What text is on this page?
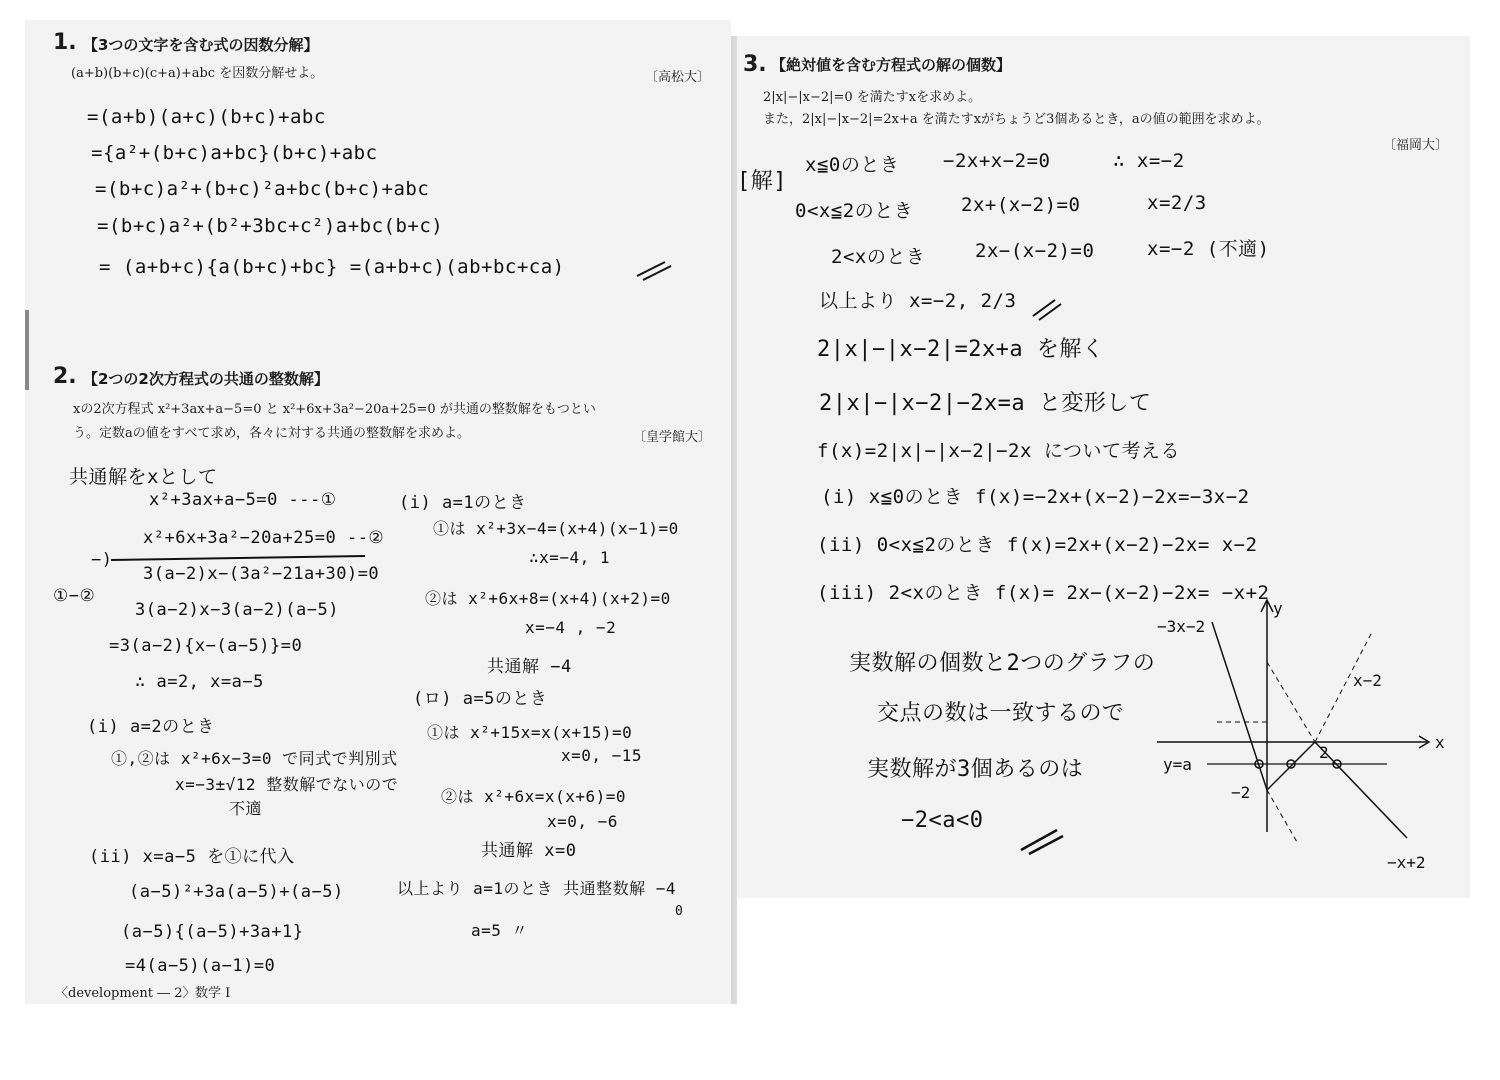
1. 【3つの文字を含む式の因数分解】
(a+b)(b+c)(c+a)+abc を因数分解せよ。	〔高松大〕
=(a+b)(a+c)(b+c)+abc
={a²+(b+c)a+bc}(b+c)+abc
=(b+c)a²+(b+c)²a+bc(b+c)+abc
=(b+c)a²+(b²+3bc+c²)a+bc(b+c)
= (a+b+c){a(b+c)+bc} =(a+b+c)(ab+bc+ca)
2. 【2つの2次方程式の共通の整数解】
xの2次方程式 x²+3ax+a−5=0 と x²+6x+3a²−20a+25=0 が共通の整数解をもつとい
う。定数aの値をすべて求め，各々に対する共通の整数解を求めよ。	〔皇学館大〕
共通解をxとして
x²+3ax+a−5=0 ---①
x²+6x+3a²−20a+25=0 --②
−)
①−②
3(a−2)x−(3a²−21a+30)=0
3(a−2)x−3(a−2)(a−5)
=3(a−2){x−(a−5)}=0
∴ a=2, x=a−5
(i) a=2のとき
①,②は x²+6x−3=0 で同式で判別式
x=−3±√12 整数解でないので
不適
(ii) x=a−5 を①に代入
(a−5)²+3a(a−5)+(a−5)
(a−5){(a−5)+3a+1}
=4(a−5)(a−1)=0
(i) a=1のとき
①は x²+3x−4=(x+4)(x−1)=0
∴x=−4, 1
②は x²+6x+8=(x+4)(x+2)=0
x=−4 , −2
共通解 −4
(ロ) a=5のとき
①は x²+15x=x(x+15)=0
x=0, −15
②は x²+6x=x(x+6)=0
x=0, −6
共通解 x=0
以上より a=1のとき 共通整数解 −4
a=5 〃
0
〈development ― 2〉 数学 I
3. 【絶対値を含む方程式の解の個数】
2|x|−|x−2|=0 を満たすxを求めよ。
また，2|x|−|x−2|=2x+a を満たすxがちょうど3個あるとき，aの値の範囲を求めよ。
〔福岡大〕
[解]
x≦0のとき −2x+x−2=0	∴ x=−2
0<x≦2のとき	2x+(x−2)=0	x=2/3
2<xのとき	2x−(x−2)=0	x=−2 (不適)
以上より x=−2, 2/3
2|x|−|x−2|=2x+a を解く
2|x|−|x−2|−2x=a と変形して
f(x)=2|x|−|x−2|−2x について考える
(i) x≦0のとき f(x)=−2x+(x−2)−2x=−3x−2
(ii) 0<x≦2のとき f(x)=2x+(x−2)−2x= x−2
(iii) 2<xのとき f(x)= 2x−(x−2)−2x= −x+2
実数解の個数と2つのグラフの
交点の数は一致するので
実数解が3個あるのは
−2<a<0
y
x
−3x−2
x−2
−x+2
y=a
2
−2
